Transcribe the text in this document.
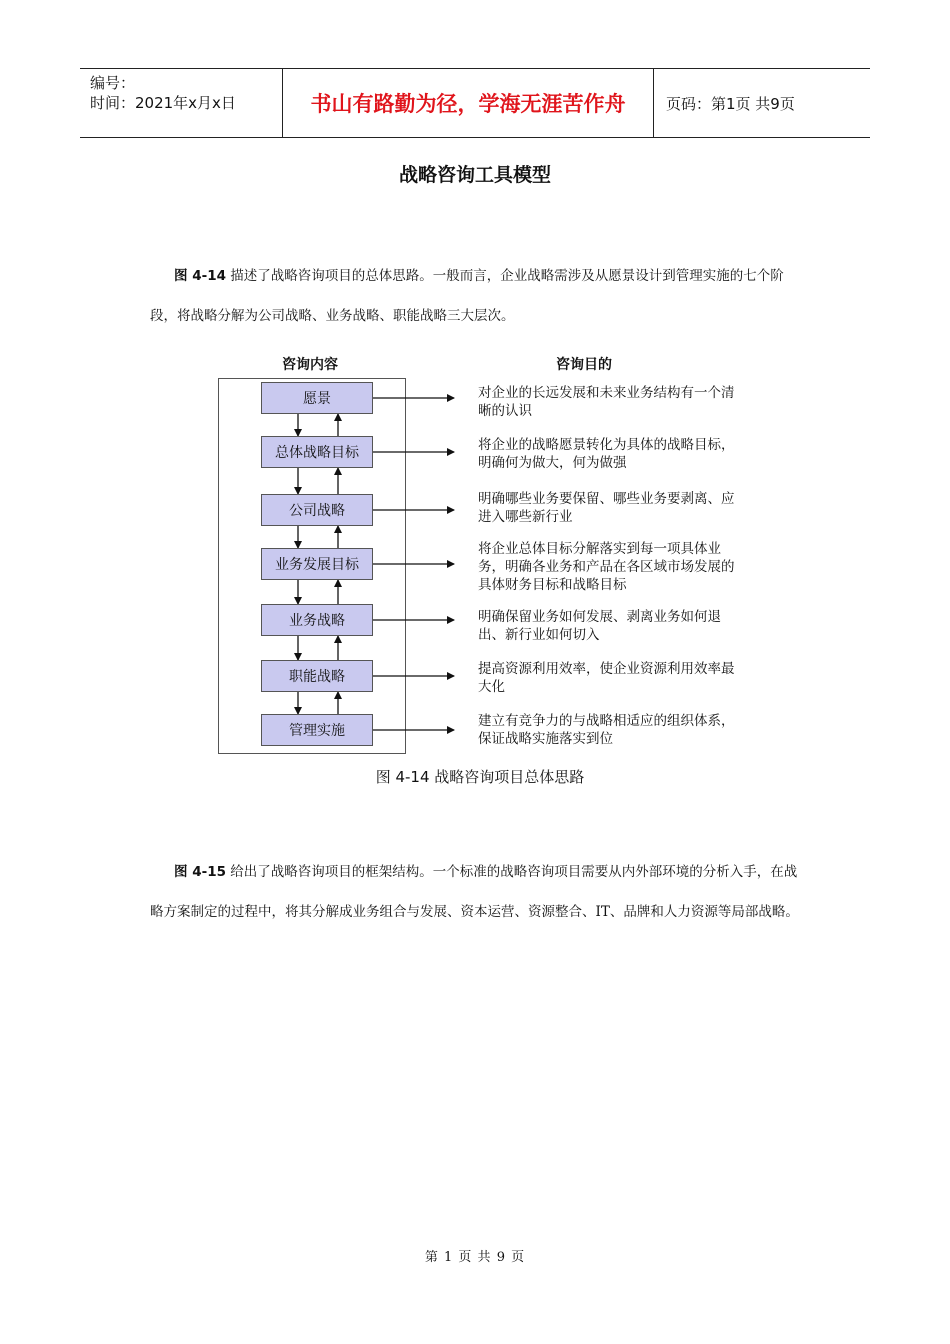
编号：
时间：2021年x月x日	书山有路勤为径，学海无涯苦作舟	页码：第1页 共9页
战略咨询工具模型
图 4-14 描述了战略咨询项目的总体思路。一般而言，企业战略需涉及从愿景设计到管理实施的七个阶段，将战略分解为公司战略、业务战略、职能战略三大层次。
咨询内容	咨询目的
愿景
总体战略目标
公司战略
业务发展目标
业务战略
职能战略
管理实施
对企业的长远发展和未来业务结构有一个清晰的认识
将企业的战略愿景转化为具体的战略目标，明确何为做大，何为做强
明确哪些业务要保留、哪些业务要剥离、应进入哪些新行业
将企业总体目标分解落实到每一项具体业务，明确各业务和产品在各区域市场发展的具体财务目标和战略目标
明确保留业务如何发展、剥离业务如何退出、新行业如何切入
提高资源利用效率，使企业资源利用效率最大化
建立有竞争力的与战略相适应的组织体系，保证战略实施落实到位
图 4-14 战略咨询项目总体思路
图 4-15 给出了战略咨询项目的框架结构。一个标准的战略咨询项目需要从内外部环境的分析入手，在战略方案制定的过程中，将其分解成业务组合与发展、资本运营、资源整合、IT、品牌和人力资源等局部战略。
第 1 页 共 9 页
